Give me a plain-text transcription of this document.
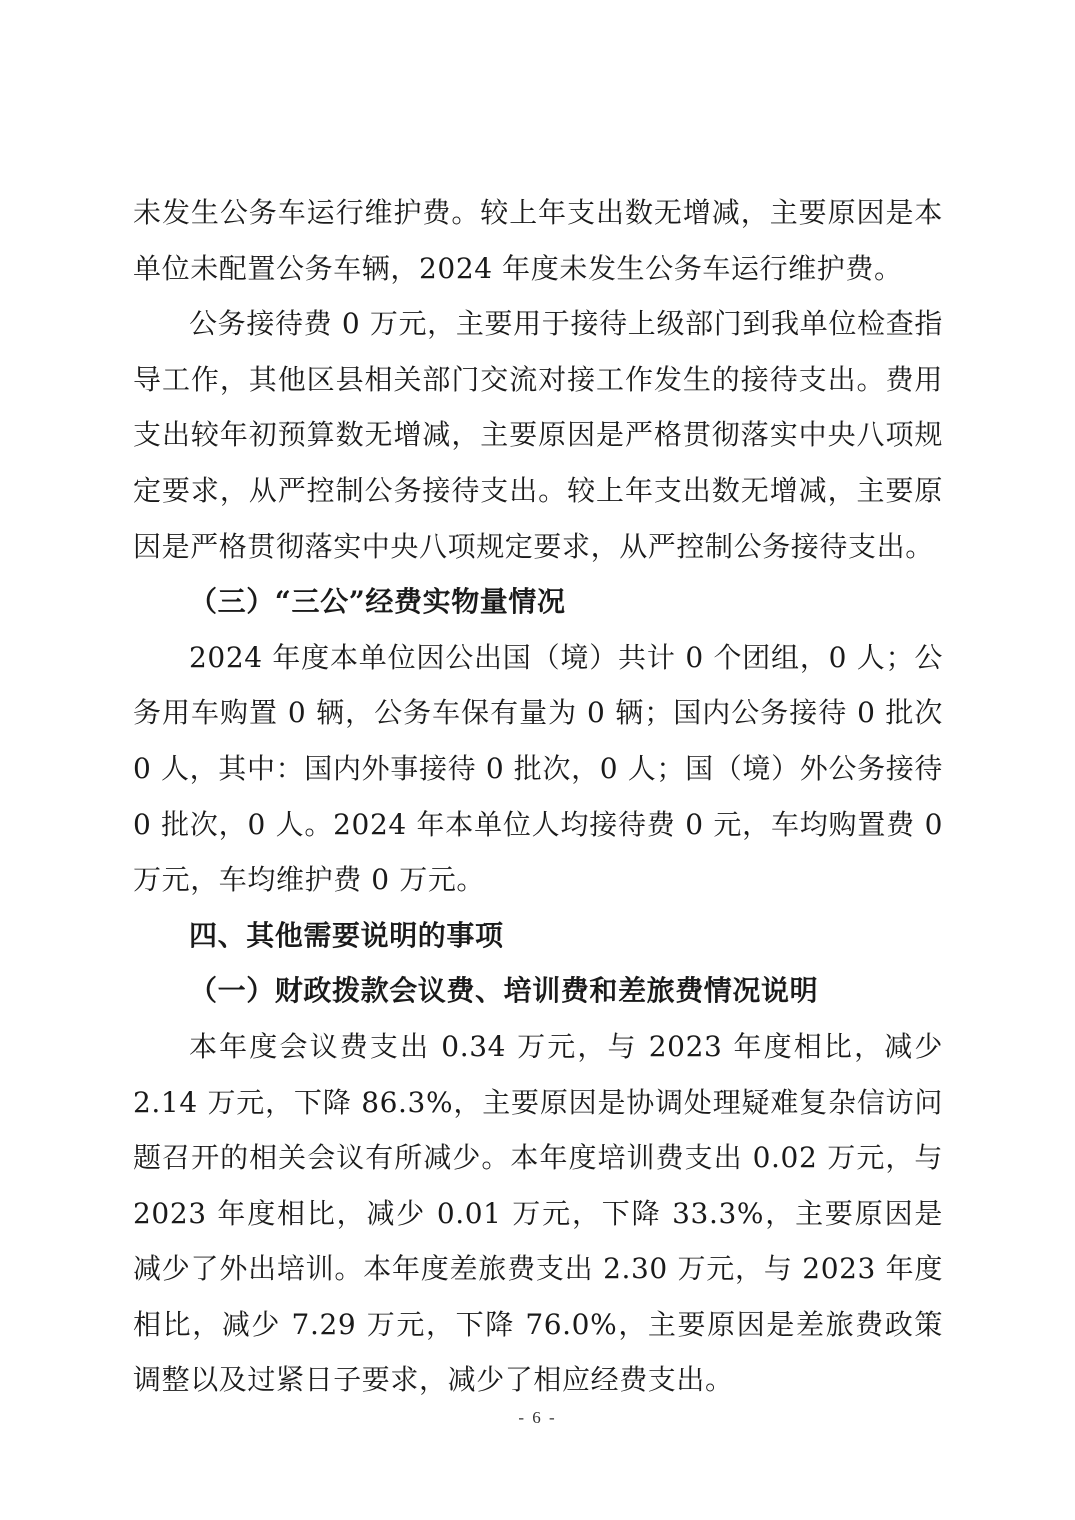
未发生公务车运行维护费。较上年支出数无增减，主要原因是本单位未配置公务车辆，2024 年度未发生公务车运行维护费。

公务接待费 0 万元，主要用于接待上级部门到我单位检查指导工作，其他区县相关部门交流对接工作发生的接待支出。费用支出较年初预算数无增减，主要原因是严格贯彻落实中央八项规定要求，从严控制公务接待支出。较上年支出数无增减，主要原因是严格贯彻落实中央八项规定要求，从严控制公务接待支出。

（三）“三公”经费实物量情况

2024 年度本单位因公出国（境）共计 0 个团组，0 人；公务用车购置 0 辆，公务车保有量为 0 辆；国内公务接待 0 批次 0 人，其中：国内外事接待 0 批次，0 人；国（境）外公务接待 0 批次，0 人。2024 年本单位人均接待费 0 元，车均购置费 0 万元，车均维护费 0 万元。

四、其他需要说明的事项

（一）财政拨款会议费、培训费和差旅费情况说明

本年度会议费支出 0.34 万元，与 2023 年度相比，减少 2.14 万元，下降 86.3%，主要原因是协调处理疑难复杂信访问题召开的相关会议有所减少。本年度培训费支出 0.02 万元，与 2023 年度相比，减少 0.01 万元，下降 33.3%，主要原因是减少了外出培训。本年度差旅费支出 2.30 万元，与 2023 年度相比，减少 7.29 万元，下降 76.0%，主要原因是差旅费政策调整以及过紧日子要求，减少了相应经费支出。

- 6 -
